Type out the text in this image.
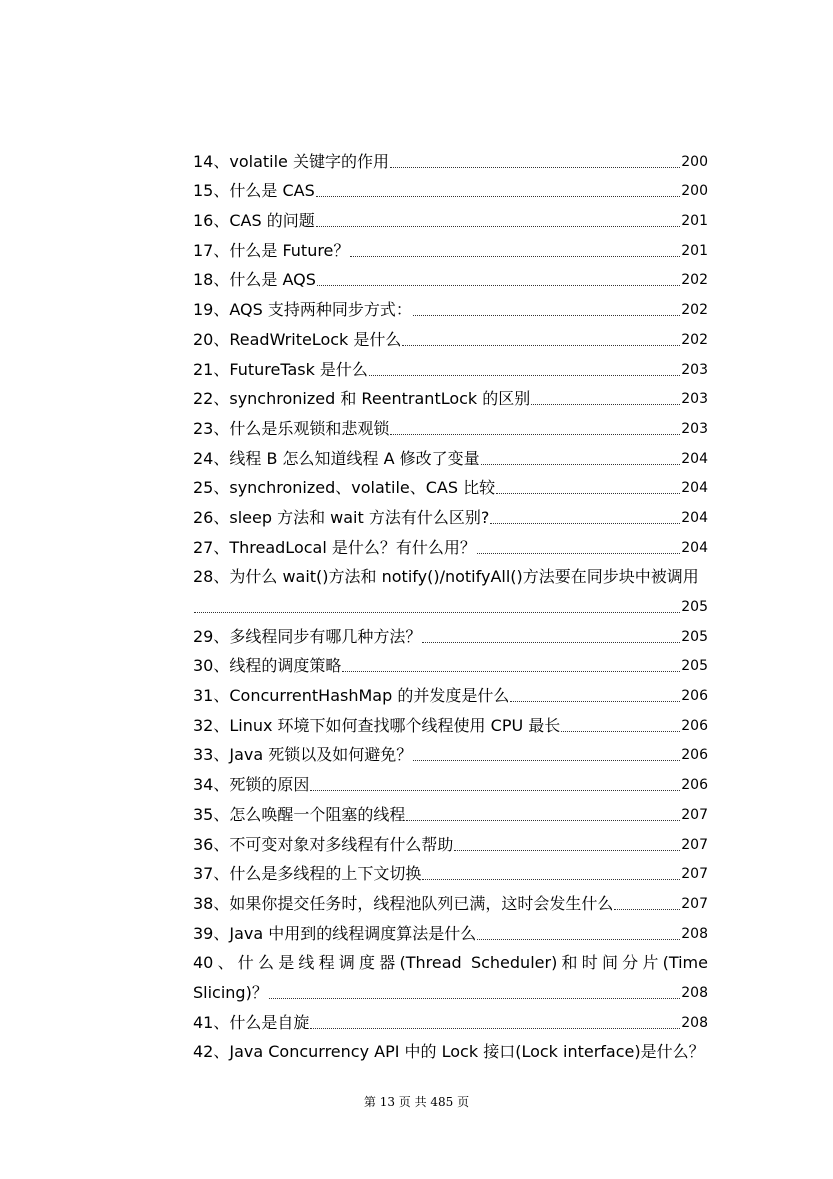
14、volatile 关键字的作用	200
15、什么是 CAS	200
16、CAS 的问题	201
17、什么是 Future？	201
18、什么是 AQS	202
19、AQS 支持两种同步方式：	202
20、ReadWriteLock 是什么	202
21、FutureTask 是什么	203
22、synchronized 和 ReentrantLock 的区别	203
23、什么是乐观锁和悲观锁	203
24、线程 B 怎么知道线程 A 修改了变量	204
25、synchronized、volatile、CAS 比较	204
26、sleep 方法和 wait 方法有什么区别?	204
27、ThreadLocal 是什么？有什么用？	204
28、为什么 wait()方法和 notify()/notifyAll()方法要在同步块中被调用
205
29、多线程同步有哪几种方法？	205
30、线程的调度策略	205
31、ConcurrentHashMap 的并发度是什么	206
32、Linux 环境下如何查找哪个线程使用 CPU 最长	206
33、Java 死锁以及如何避免？	206
34、死锁的原因	206
35、怎么唤醒一个阻塞的线程	207
36、不可变对象对多线程有什么帮助	207
37、什么是多线程的上下文切换	207
38、如果你提交任务时，线程池队列已满，这时会发生什么	207
39、Java 中用到的线程调度算法是什么	208
40、什么是线程调度器(Thread Scheduler)和时间分片(Time
Slicing)？	208
41、什么是自旋	208
42、Java Concurrency API 中的 Lock 接口(Lock interface)是什么？
第 13 页 共 485 页
